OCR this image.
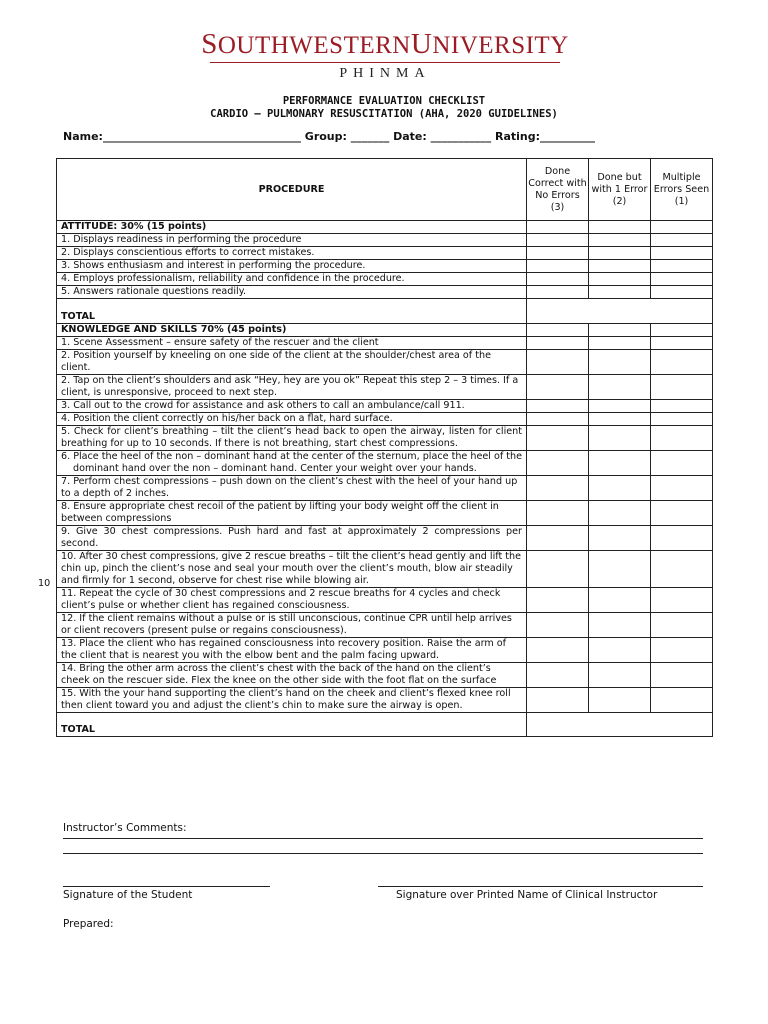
SOUTHWESTERNUNIVERSITY
PHINMA
PERFORMANCE EVALUATION CHECKLIST
CARDIO – PULMONARY RESUSCITATION (AHA, 2020 GUIDELINES)
Name:____________________________________ Group: _______ Date: ___________ Rating:__________
10
PROCEDURE	Done Correct with No Errors (3)	Done but with 1 Error (2)	Multiple Errors Seen (1)
ATTITUDE: 30% (15 points)			
1. Displays readiness in performing the procedure			
2. Displays conscientious efforts to correct mistakes.			
3. Shows enthusiasm and interest in performing the procedure.			
4. Employs professionalism, reliability and confidence in the procedure.			
5. Answers rationale questions readily.			
TOTAL			
KNOWLEDGE AND SKILLS 70% (45 points)			
1. Scene Assessment – ensure safety of the rescuer and the client			
2. Position yourself by kneeling on one side of the client at the shoulder/chest area of the client.			
2. Tap on the client’s shoulders and ask “Hey, hey are you ok” Repeat this step 2 – 3 times. If a client, is unresponsive, proceed to next step.			
3. Call out to the crowd for assistance and ask others to call an ambulance/call 911.			
4. Position the client correctly on his/her back on a flat, hard surface.			
5. Check for client’s breathing – tilt the client’s head back to open the airway, listen for client breathing for up to 10 seconds. If there is not breathing, start chest compressions.			
6. Place the heel of the non – dominant hand at the center of the sternum, place the heel of the dominant hand over the non – dominant hand. Center your weight over your hands.			
7. Perform chest compressions – push down on the client’s chest with the heel of your hand up to a depth of 2 inches.			
8. Ensure appropriate chest recoil of the patient by lifting your body weight off the client in between compressions			
9. Give 30 chest compressions. Push hard and fast at approximately 2 compressions per second.			
10. After 30 chest compressions, give 2 rescue breaths – tilt the client’s head gently and lift the chin up, pinch the client’s nose and seal your mouth over the client’s mouth, blow air steadily and firmly for 1 second, observe for chest rise while blowing air.			
11. Repeat the cycle of 30 chest compressions and 2 rescue breaths for 4 cycles and check client’s pulse or whether client has regained consciousness.			
12. If the client remains without a pulse or is still unconscious, continue CPR until help arrives or client recovers (present pulse or regains consciousness).			
13. Place the client who has regained consciousness into recovery position. Raise the arm of the client that is nearest you with the elbow bent and the palm facing upward.			
14. Bring the other arm across the client’s chest with the back of the hand on the client’s cheek on the rescuer side. Flex the knee on the other side with the foot flat on the surface			
15. With the your hand supporting the client’s hand on the cheek and client’s flexed knee roll then client toward you and adjust the client’s chin to make sure the airway is open.			
TOTAL			
Instructor’s Comments:
Signature of the Student	Signature over Printed Name of Clinical Instructor
Prepared:
